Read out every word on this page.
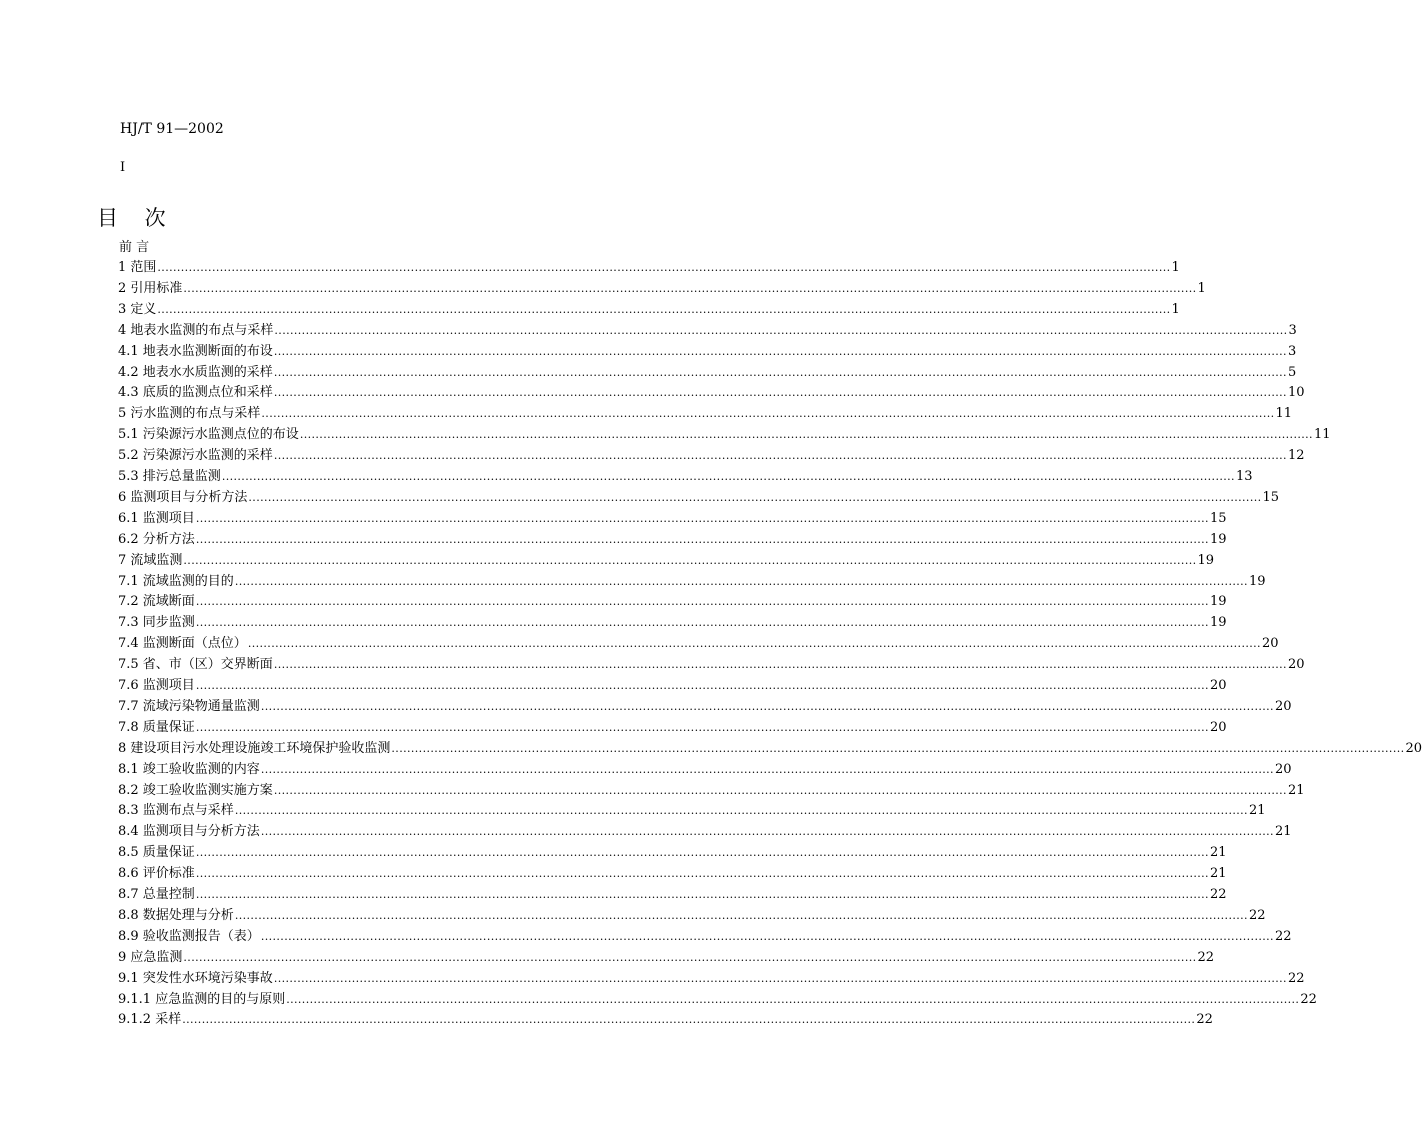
HJ/T 91—2002
I
目 次
前 言
1 范围 .................................................................................................................................................................................................................................................................... 1
2 引用标准 .................................................................................................................................................................................................................................................................... 1
3 定义 .................................................................................................................................................................................................................................................................... 1
4 地表水监测的布点与采样 .................................................................................................................................................................................................................................................................... 3
4.1 地表水监测断面的布设 .................................................................................................................................................................................................................................................................... 3
4.2 地表水水质监测的采样 .................................................................................................................................................................................................................................................................... 5
4.3 底质的监测点位和采样 .................................................................................................................................................................................................................................................................... 10
5 污水监测的布点与采样 .................................................................................................................................................................................................................................................................... 11
5.1 污染源污水监测点位的布设 .................................................................................................................................................................................................................................................................... 11
5.2 污染源污水监测的采样 .................................................................................................................................................................................................................................................................... 12
5.3 排污总量监测 .................................................................................................................................................................................................................................................................... 13
6 监测项目与分析方法 .................................................................................................................................................................................................................................................................... 15
6.1 监测项目 .................................................................................................................................................................................................................................................................... 15
6.2 分析方法 .................................................................................................................................................................................................................................................................... 19
7 流域监测 .................................................................................................................................................................................................................................................................... 19
7.1 流域监测的目的 .................................................................................................................................................................................................................................................................... 19
7.2 流域断面 .................................................................................................................................................................................................................................................................... 19
7.3 同步监测 .................................................................................................................................................................................................................................................................... 19
7.4 监测断面（点位） .................................................................................................................................................................................................................................................................... 20
7.5 省、市（区）交界断面 .................................................................................................................................................................................................................................................................... 20
7.6 监测项目 .................................................................................................................................................................................................................................................................... 20
7.7 流域污染物通量监测 .................................................................................................................................................................................................................................................................... 20
7.8 质量保证 .................................................................................................................................................................................................................................................................... 20
8 建设项目污水处理设施竣工环境保护验收监测 .................................................................................................................................................................................................................................................................... 20
8.1 竣工验收监测的内容 .................................................................................................................................................................................................................................................................... 20
8.2 竣工验收监测实施方案 .................................................................................................................................................................................................................................................................... 21
8.3 监测布点与采样 .................................................................................................................................................................................................................................................................... 21
8.4 监测项目与分析方法 .................................................................................................................................................................................................................................................................... 21
8.5 质量保证 .................................................................................................................................................................................................................................................................... 21
8.6 评价标准 .................................................................................................................................................................................................................................................................... 21
8.7 总量控制 .................................................................................................................................................................................................................................................................... 22
8.8 数据处理与分析 .................................................................................................................................................................................................................................................................... 22
8.9 验收监测报告（表） .................................................................................................................................................................................................................................................................... 22
9 应急监测 .................................................................................................................................................................................................................................................................... 22
9.1 突发性水环境污染事故 .................................................................................................................................................................................................................................................................... 22
9.1.1 应急监测的目的与原则 .................................................................................................................................................................................................................................................................... 22
9.1.2 采样 .................................................................................................................................................................................................................................................................... 22
